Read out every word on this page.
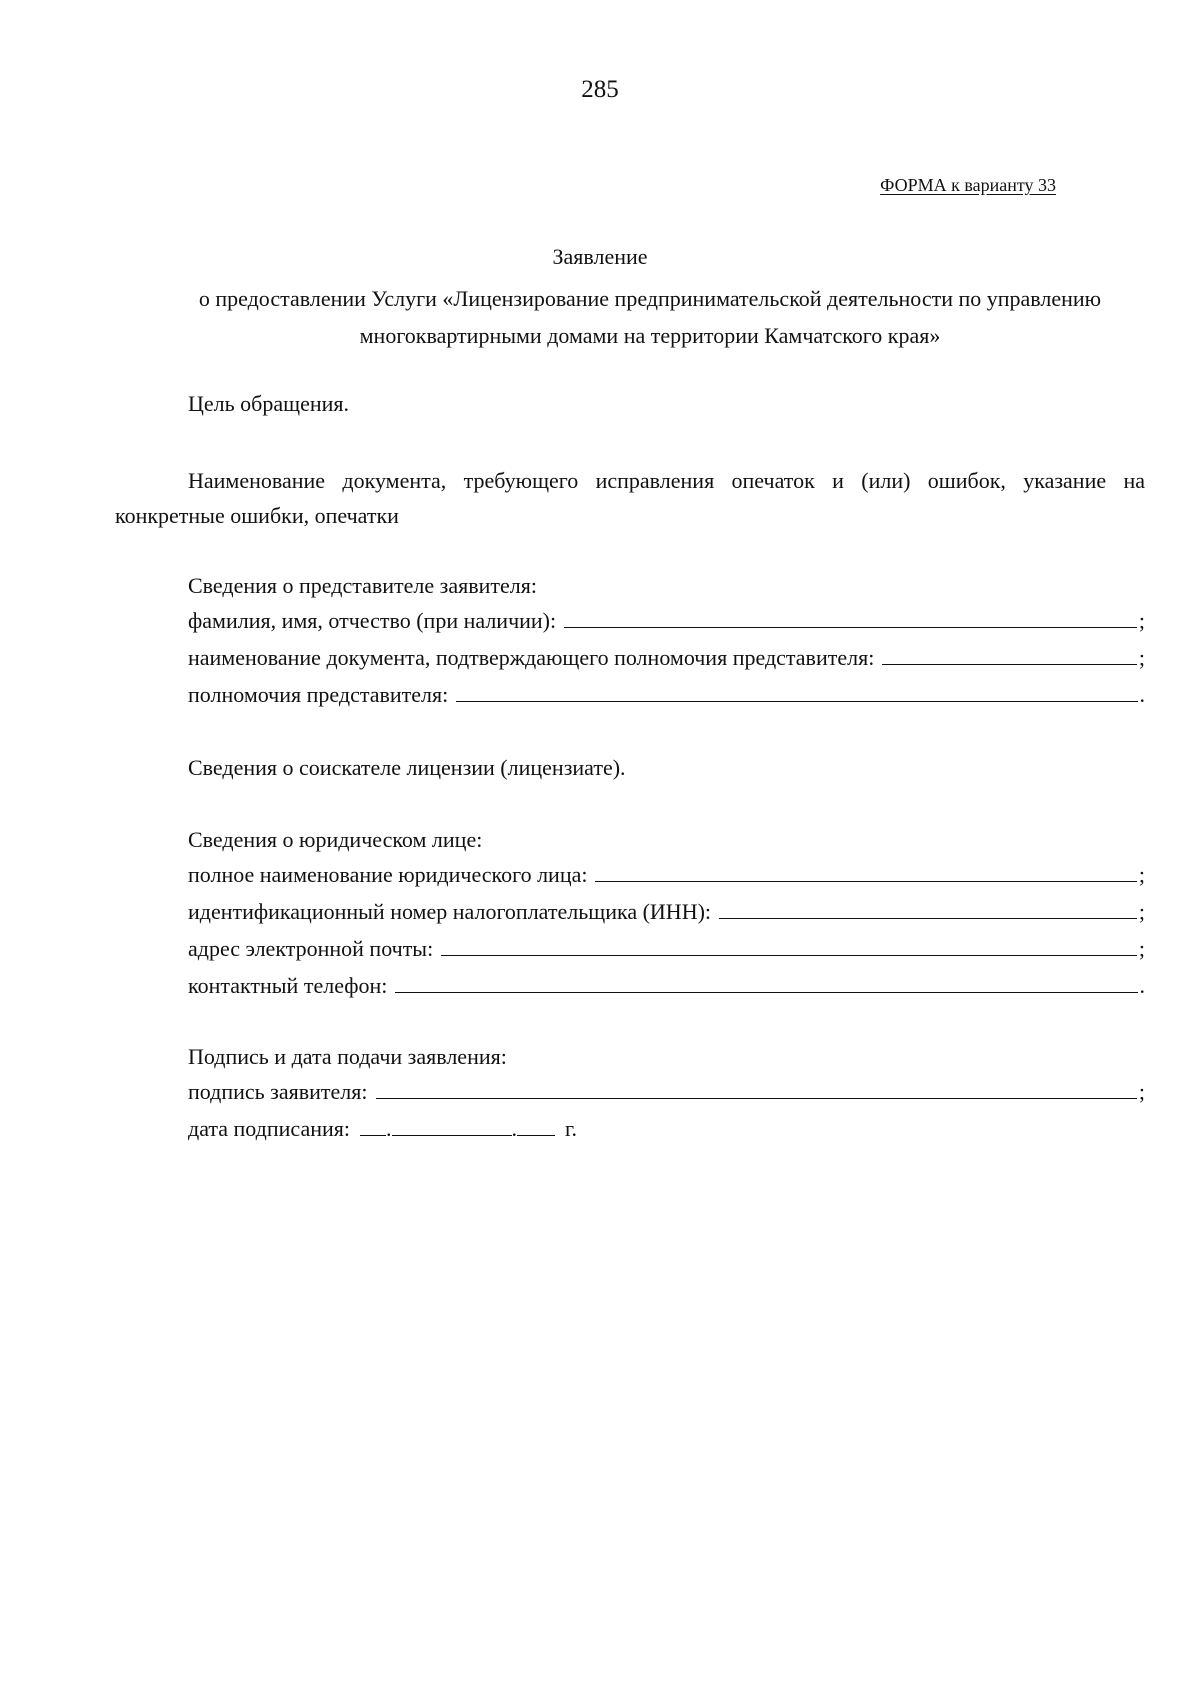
285
ФОРМА к варианту 33
Заявление
о предоставлении Услуги «Лицензирование предпринимательской деятельности по управлению многоквартирными домами на территории Камчатского края»
Цель обращения.
Наименование документа, требующего исправления опечаток и (или) ошибок, указание на конкретные ошибки, опечатки
Сведения о представителе заявителя:
фамилия, имя, отчество (при наличии):	;
наименование документа, подтверждающего полномочия представителя:	;
полномочия представителя:	.
Сведения о соискателе лицензии (лицензиате).
Сведения о юридическом лице:
полное наименование юридического лица:	;
идентификационный номер налогоплательщика (ИНН):	;
адрес электронной почты:	;
контактный телефон:	.
Подпись и дата подачи заявления:
подпись заявителя:	;
дата подписания: .	. г.
